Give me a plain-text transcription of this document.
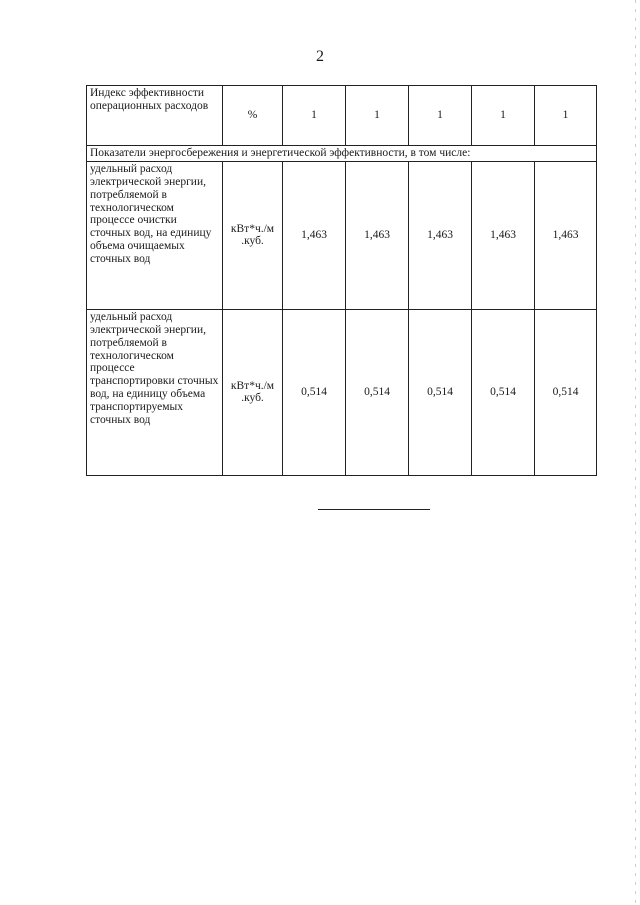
2
Индекс эффективности операционных расходов	%	1	1	1	1	1
Показатели энергосбережения и энергетической эффективности, в том числе:						
удельный расход электрической энергии, потребляемой в технологическом процессе очистки сточных вод, на единицу объема очищаемых сточных вод	кВт*ч./м .куб.	1,463	1,463	1,463	1,463	1,463
удельный расход электрической энергии, потребляемой в технологическом процессе транспортировки сточных вод, на единицу объема транспортируемых сточных вод	кВт*ч./м .куб.	0,514	0,514	0,514	0,514	0,514
